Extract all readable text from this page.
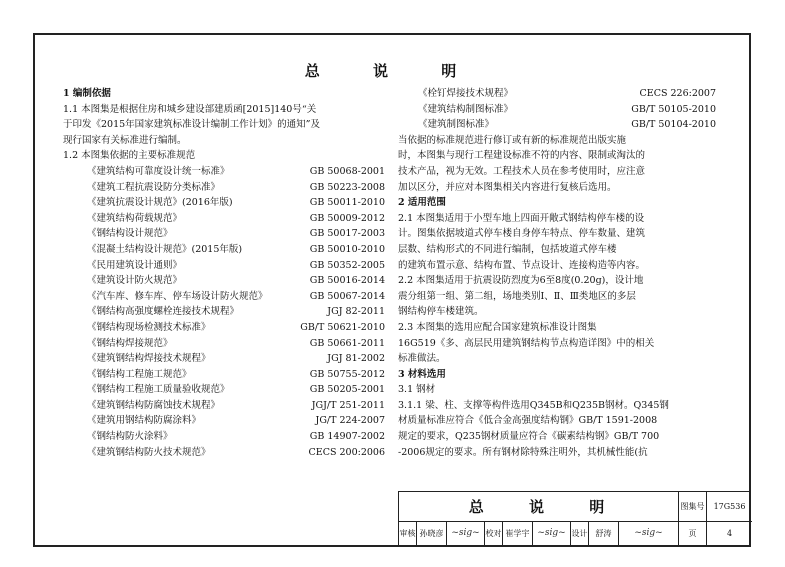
总 说 明
1 编制依据
1.1 本图集是根据住房和城乡建设部建质函[2015]140号“关
于印发《2015年国家建筑标准设计编制工作计划》的通知”及
现行国家有关标准进行编制。
1.2 本图集依据的主要标准规范
《建筑结构可靠度设计统一标准》	GB 50068-2001
《建筑工程抗震设防分类标准》	GB 50223-2008
《建筑抗震设计规范》(2016年版)	GB 50011-2010
《建筑结构荷载规范》	GB 50009-2012
《钢结构设计规范》	GB 50017-2003
《混凝土结构设计规范》(2015年版)	GB 50010-2010
《民用建筑设计通则》	GB 50352-2005
《建筑设计防火规范》	GB 50016-2014
《汽车库、修车库、停车场设计防火规范》	GB 50067-2014
《钢结构高强度螺栓连接技术规程》	JGJ 82-2011
《钢结构现场检测技术标准》	GB/T 50621-2010
《钢结构焊接规范》	GB 50661-2011
《建筑钢结构焊接技术规程》	JGJ 81-2002
《钢结构工程施工规范》	GB 50755-2012
《钢结构工程施工质量验收规范》	GB 50205-2001
《建筑钢结构防腐蚀技术规程》	JGJ/T 251-2011
《建筑用钢结构防腐涂料》	JG/T 224-2007
《钢结构防火涂料》	GB 14907-2002
《建筑钢结构防火技术规范》	CECS 200:2006
《栓钉焊接技术规程》	CECS 226:2007
《建筑结构制图标准》	GB/T 50105-2010
《建筑制图标准》	GB/T 50104-2010
当依据的标准规范进行修订或有新的标准规范出版实施
时，本图集与现行工程建设标准不符的内容、限制或淘汰的
技术产品，视为无效。工程技术人员在参考使用时，应注意
加以区分，并应对本图集相关内容进行复核后选用。
2 适用范围
2.1 本图集适用于小型车地上四面开敞式钢结构停车楼的设
计。图集依据坡道式停车楼自身停车特点、停车数量、建筑
层数、结构形式的不同进行编制，包括坡道式停车楼
的建筑布置示意、结构布置、节点设计、连接构造等内容。
2.2 本图集适用于抗震设防烈度为6至8度(0.20g)，设计地
震分组第一组、第二组，场地类别Ⅰ、Ⅱ、Ⅲ类地区的多层
钢结构停车楼建筑。
2.3 本图集的选用应配合国家建筑标准设计图集
16G519《多、高层民用建筑钢结构节点构造详图》中的相关
标准做法。
3 材料选用
3.1 钢材
3.1.1 梁、柱、支撑等构件选用Q345B和Q235B钢材。Q345钢
材质量标准应符合《低合金高强度结构钢》GB/T 1591-2008
规定的要求，Q235钢材质量应符合《碳素结构钢》GB/T 700
-2006规定的要求。所有钢材除特殊注明外，其机械性能(抗
总 说 明	图集号	17G536
审核 孙晓彦 ~sig~ 校对 崔学宇 ~sig~ 设计	舒涛	~sig~	页	4
